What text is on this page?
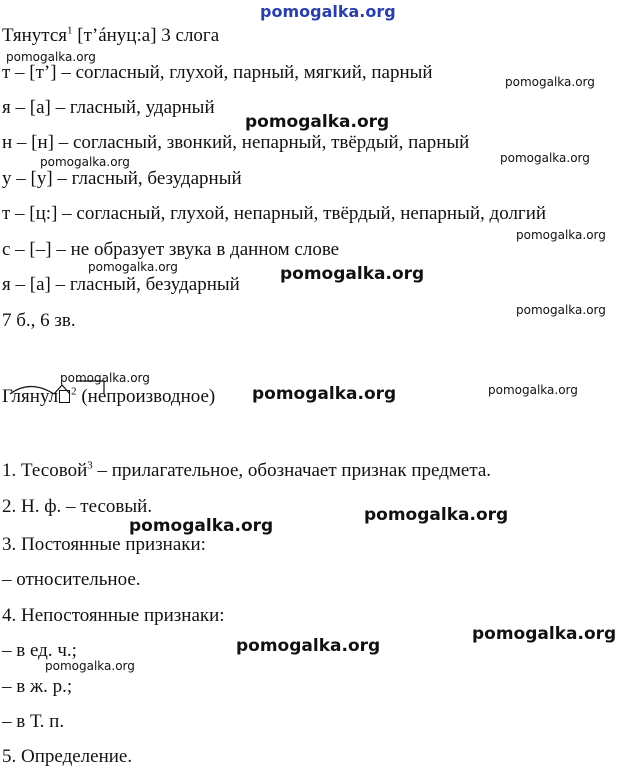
pomogalka.org
Тянутся$^1$ [т’áнуц:а] 3 слога
т – [т’] – согласный, глухой, парный, мягкий, парный
я – [а] – гласный, ударный
н – [н] – согласный, звонкий, непарный, твёрдый, парный
у – [у] – гласный, безударный
т – [ц:] – согласный, глухой, непарный, твёрдый, непарный, долгий
с – [–] – не образует звука в данном слове
я – [а] – гласный, безударный
7 б., 6 зв.
Глянул $^2$ (непроизводное)
1. Тесовой$^3$ – прилагательное, обозначает признак предмета.
2. Н. ф. – тесовый.
3. Постоянные признаки:
– относительное.
4. Непостоянные признаки:
– в ед. ч.;
– в ж. р.;
– в Т. п.
5. Определение.
pomogalka.org
pomogalka.org
pomogalka.org
pomogalka.org	pomogalka.org
pomogalka.org
pomogalka.org	pomogalka.org
pomogalka.org
pomogalka.org
pomogalka.org
pomogalka.org
pomogalka.org
pomogalka.org
pomogalka.org
pomogalka.org
pomogalka.org
